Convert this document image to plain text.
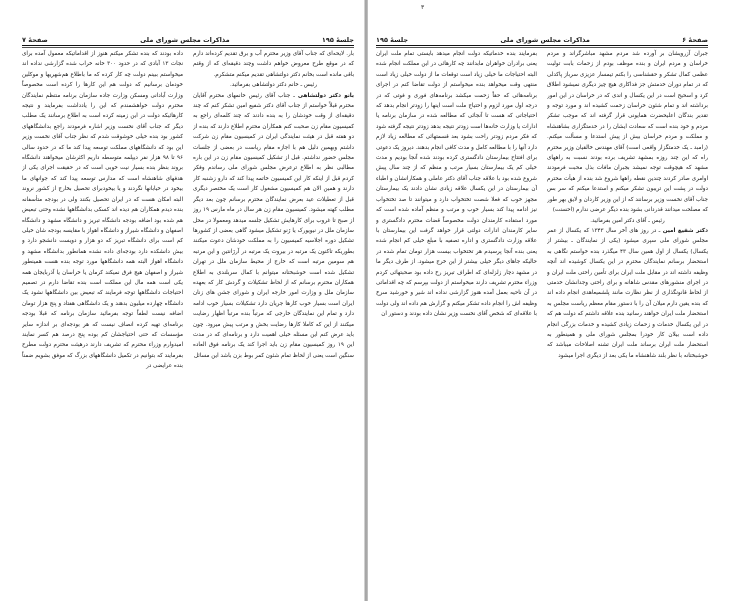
جلسهٔ ۱۹۵
مذاکرات مجلس شورای ملی
صفحهٔ ۷

بار. لایحه‌ای که جناب آقای وزیر محترم آب و برق تقدیم کرده‌اند دارم که در موقع طرح معروض خواهم داشت وچند دقیقه‌ای که از وقتم باقی مانده است بخانم دکتر دولتشاهی تقدیم میکنم متشکرم.

رئیس ـ خانم دکتر دولتشاهی بفرمائید.

بانو دکتر دولتشاهی ـ جناب آقای رئیس خانمهای محترم آقایان محترم قبلاً خواستم از جناب آقای دکتر شفیع امین تشکر کنم که چند دقیقه‌ای از وقت خودشان را به بنده دادند که چند کلمه‌ای راجع به کمیسیون مقام زن صحبت کنم همکاران محترم اطلاع دارند که بنده از دو هفته قبل در هیئت نمایندگی ایران در کمیسیون مقام زن شرکت داشتم وبهمین دلیل هم با اجازه مقام ریاست در بعضی از جلسات مجلس حضور نداشتم. قبل از تشکیل کمیسیون مقام زن در این باره مطالبی نظر به اطلاع ترعرض مجلس شورای ملی رساندم وفکر کردم قبل از اینکه کار این کمیسیون خاتمه پیدا کند که دارو زشنبه کار دارند و همین الان هم کمیسیون مشغول کار است یک مختصر دیگری قبل از تعطیلات عید بعرض نمایندگان محترم برسانم چون بعد دیگر مطلب کهنه میشود. کمیسیون مقام زن هر سال در ماه مارس ۱۹ روز از صبح تا غروب برای کارهایش تشکیل جلسه میدهد ومعمولا در محل سازمان ملل در نیویورک یا ژنو تشکیل میشود گاهی بعضی از کشورها تشکیل دوره اجلاسیه کمیسیون را به مملکت خودشان دعوت میکنند بطوریکه تاکنون یک مرتبه در بیروت یک مرتبه در آرژانتین و این مرتبه هم سومین مرتبه است که خارج از محیط سازمان ملل در تهران تشکیل شده است خوشبختانه میتوانم با کمال سربلندی به اطلاع همکاران محترم برسانم که از لحاظ تشکیلات و گردش کار که بعهده سازمان ملل و وزارت امور خارجه ایران و شورای جشن های زنان ایران است بسیار خوب کارها جریان دارد تشکیلات بسیار خوب ادامه دارد و تمام این نمایندگان خارجی که مرتباً بنده مرتباً اظهار رضایت میکنند از این که کاملا کارها رضایت بخش و مرتب پیش میرود. چون باید عرض کنم این مسئله خیلی اهمیت دارد و برنامه‌ای که در مدت این ۱۹ روز کمیسیون مقام زن باید اجرا کند یک برنامه فوق العاده سنگین است یعنی از لحاظ تمام شئون کمر بوط بزن باشد این مسائل

داده بودند که بنده تشکر میکنم هنوز از اقداماتیکه معمول آمده برای نجات ۱۳ آبادی که در حدود ۳۰۰ خانه خراب شده گزارشی نداده اند میخواستم ببینم دولت چه کار کرده که ما باطلاع هم‌شهریها و موکلین خودمان برسانیم که دولت هم این کارها را کرده است مخصوصاً وزارت آبادانی ومسکن وزارت جاده سازمان برنامه منتظم نمایندگان محترم دولت خواهشمندم که این را یادداشت بفرمایند و نتیجه کارهائیکه دولت در این زمینه کرده است به اطلاع برسانند یک مطلب دیگر که جناب آقای نخست وزیر اشاره فرمودند راجع بدانشگاههای کشور بود بنده خیلی خوشوقت شدم که نظر جناب آقای نخست وزیر این بود که دانشگاههای مملکت توسعه پیدا کند ما که در حدود سالی ۹۶ تا ۹۸ هزار نفر دیپلمه متوسطه داریم اکثرشان میخواهند دانشگاه بروند بنظر بنده بسیار نیت خوبی است که در حقیقت اجرای یکی از هدفهای شاهنشاه است که مدارس توسعه پیدا کند که جوانهای ما بیخود در خیابانها نگردند و یا بیخودبرای تحصیل بخارج از کشور نروند البته امکان هست که در ایران تحصیل بکنند ولی در بودجه متأسفانه بنده دیدم همکاران هم دیده اند کسکی بدانشگاهها نشده وحتی تبعیض هم شده بود اضافه بودجه دانشگاه تبریز و دانشگاه مشهد و دانشگاه اصفهان و دانشگاه شیراز و دانشگاه اهواز با مقایسه بودجه شان خیلی کم است برای دانشگاه تبریز که دو هزار و دویست دانشجو دارد و بیش دانشکده دارد بودجه‌ای داده نشده همانطور بدانشگاه مشهد و دانشگاه اهواز البته همه دانشگاهها مورد توجه بنده هست همینطور شیراز و اصفهان هیچ فرق نمیکند کرمان یا خراسان یا آذربایجان همه یکی است همه مال این مملکت است بنده تقاضا دارم در تصمیم احتیاجات دانشگاهها توجه فرمایند که تبعیض بین دانشگاهها نشود یک دانشگاه چهارده میلیون بدهند و یک دانشگاهی هفتاد و پنج هزار تومان اضافه نیست لطفاً توجه بفرمائید سازمان برنامه که قبلا بودجه برنامه‌ای تهیه کرده انصاف نیست که هر بودجه‌ای بر اندازه سایر مؤسسات که حتی احتیاجشان کم بوده پنج درصد هم کسر نمایند امیدوارم وزراء محترم که تشریف دارند درهیئت محترم دولت مطرح بفرمایند که بتوانیم در تکمیل دانشگاههای بزرگ که موفق بشویم ضمناً بنده عرایضی در

٣
صفحهٔ ۶
مذاکرات مجلس شورای ملی
جلسهٔ ۱۹۵

جبران آزرویشان بر آورده شد مردم مشهد مباشرگراند و مردم خراسان و مردم ایران و بنده موظف بودم از زحمات بابت تولیت عظمی کمال تشکر و حقشناسی را بکنم تیمسار عزیزی سرباز پاکدلی که در تمام دوران خدمتش جز فداکاری هیچ چیز دیگری نمیشود اطلاق کرد و اسحیح است در این یکسال و اندی که در خراسان در این امور برداشته اند و تمام شئون خراسان زحمت کشیده اند و مورد توجه و تقدیر بندگان اعلیحضرت همایونی قرار گرفته اند که موجب تشکر مردم و خود بنده است که سعادت ایشان را در خدمتگزاری بشاهنشاه و مملکت و مردم خراسان بیش از پیش استدعا و مسألت میکنم. (رامبد ـ یک خدمتگزار واقعی است) آقای مهندس خالقیان وزیر محترم راه که این چند روزه بمشهد تشریف برده بودند نسبت به راههای مشهد که هیچوقت توجه نمیشد بجبران مافات بذل محبت فرمودند اوامری صادر کردند چندین نقطه راهها شروع شد بنده از هیأت محترم دولت در پشت این تریبون تشکر میکنم و استدعا میکنم که سر بس جناب آقای نخست وزیر برسانند که از این وزیر کاردان و لایق بهر طور که مصلحت میدانند قدردانی بشود بنده دیگر عرضی ندارم (احسنت)

رئیس ـ آقای دکتر امین بفرمائید.

دکتر شفیع امین ـ در روز های آخر سال ۱۳۴۳ که یکسال از عمر مجلس شورای ملی سپری میشود (یکی از نمایندگان ـ بیشتر از یکسال) یکسال از اول همین سال ۴۳ میگذرد بنده خواستم نگاهی به استحضار برسانم نمایندگان محترم در این یکسال کوشیده اند آنچه وظیفه داشته اند در مقابل ملت ایران برای تأمین راحتی ملت ایران و در اجرای منشورهای مقدس شاهانه و برای راحتی وجدانشان خدمتی از لحاظ قانونگذاری از نظر نظارت مانند پلشمیعاهدی انجام داده اند که بنده یقین دارم میلان آن را با دستور مقام معظم ریاست مجلس به استحضار ملت ایران خواهند رسانید بنده علاقه داشتم که دولت هم که در این یکسال خدمات و زحمات زیادی کشیده و خدمات بزرگی انجام داده است بیلان کار خودرا بمجلس شورای ملی و همینطور به استحضار ملت ایران برساند ملت ایران تشنه اصلاحات میباشد که خوشبختانه با نظر بلند شاهنشاه ما یکی بعد از دیگری اجرا میشود

بفرمایند بنده خدماتیکه دولت انجام میدهد بایستی تمام ملت ایران یعنی برادران خواهران مابدانند چه کارهائی در این مملکت انجام شده البته احتیاجات ما خیلی زیاد است توقعات ما از دولت خیلی زیاد است منتهی وقت میخواهد بنده میخواستم از دولت تقاضا کنم در اجرای برنامه‌هائی که حقاً زحمت میکشد برنامه‌های فوری و فوتی که در درجه اول مورد لزوم و احتیاج ملت است اینها را زودتر انجام بدهد که احتیاجاتی که هست تا آنجائی که مطالعه شده در سازمان برنامه یا ادارات یا وزارت خانه‌ها است زودتر نتیجه بدهد زودتر نتیجه گرفته شود که فکر مردم زودتر راحت بشود بعد قسمتهائی که مطالعه زیاد لازم دارد آنها را با مطالعه کامل و مدت کافی انجام بدهند. دیروز یک دعوتی برای افتتاح بیمارستان دادگستری کرده بودند شده آنجا بودیم و مدت خیلی کم یک بیمارستان بسیار مرتب و منظم که از چند سال پیش شروع شده بود با علاقه جناب آقای دکتر عاملی و همکارانشان و اطباء آن بیمارستان در این یکسال علاقه زیادی نشان دادند یک بیمارستان مجهز خوب که فعلا شصت تختخواب دارد و میتوانند تا صد تختخواب نیز ادامه پیدا کند بسیار خوب و مرتب و منظم آماده شده است که مورد استفاده کارمندان دولت مخصوصاً قضات محترم دادگستری و سایر کارمندان ادارات دولتی قرار خواهد گرفت این بیمارستان با علاقه وزارت دادگستری و اداره تصفیه با مبلغ خیلی کم انجام شده یعنی بنده آنجا پرسیدم هر تختخواب بیست هزار تومان تمام شده در حالیکه جاهای دیگر خیلی بیشتر از این خرج میشود. از طرف دیگر ما در مشهد دچار زلزله‌ای که اطراف تبریز رخ داده بود صحبتهائی کردم وزراء محترم تشریف دارند میخواستم از دولت بپرسم که چه اقداماتی در آن ناحیه بعمل آمده هنوز گزارشی نداده اند شیر و خورشید سرخ وظیفه اش را انجام داده تشکر میکنم و گزارش هم داده اند ولی دولت با علاقه‌ای که شخص آقای نخست وزیر نشان داده بودند و دستور ان
